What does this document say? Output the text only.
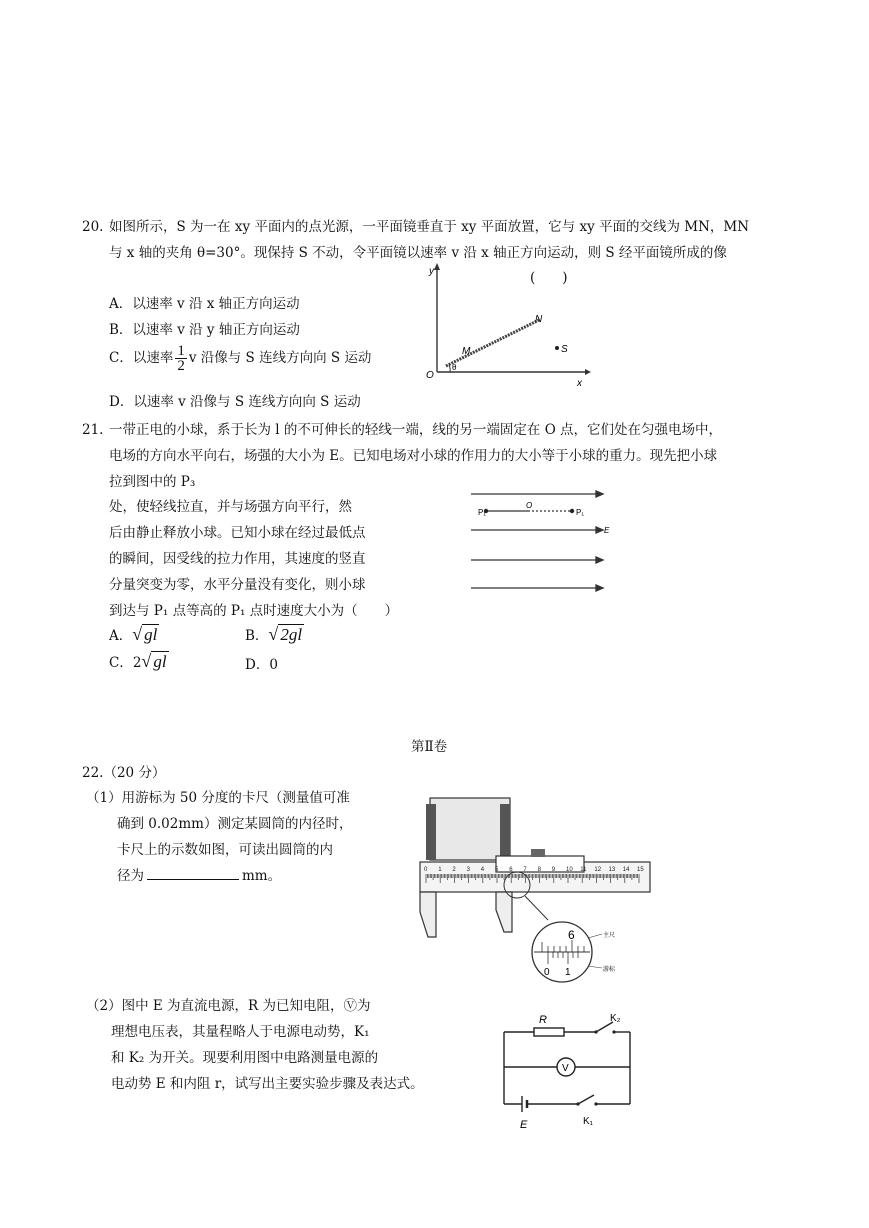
20. 如图所示，S 为一在 xy 平面内的点光源，一平面镜垂直于 xy 平面放置，它与 xy 平面的交线为 MN，MN
与 x 轴的夹角 θ=30°。现保持 S 不动，令平面镜以速率 v 沿 x 轴正方向运动，则 S 经平面镜所成的像
(　　)
A．以速率 v 沿 x 轴正方向运动
B．以速率 v 沿 y 轴正方向运动
C．以速率 $\frac{1}{2}$ v 沿像与 S 连线方向向 S 运动
D．以速率 v 沿像与 S 连线方向向 S 运动
y
x
O
M
N
S
θ
21. 一带正电的小球，系于长为 l 的不可伸长的轻线一端，线的另一端固定在 O 点，它们处在匀强电场中，
电场的方向水平向右，场强的大小为 E。已知电场对小球的作用力的大小等于小球的重力。现先把小球
拉到图中的 P₃
处，使轻线拉直，并与场强方向平行，然
后由静止释放小球。已知小球在经过最低点
的瞬间，因受线的拉力作用，其速度的竖直
分量突变为零，水平分量没有变化，则小球
到达与 P₁ 点等高的 P₁ 点时速度大小为（　　）
A．√ gl	B．√ 2gl
C．2√ gl	D．0
P₁
O
P₁
E
第Ⅱ卷
22.（20 分）
（1）用游标为 50 分度的卡尺（测量值可准
确到 0.02mm）测定某圆筒的内径时，
卡尺上的示数如图，可读出圆筒的内
径为	mm。	0 1 2 3 4 5 6 7 8 9 10 11 12 13 14 15
6
0 1
主尺
游标
（2）图中 E 为直流电源，R 为已知电阻，Ⓥ为
理想电压表，其量程略人于电源电动势，K₁
和 K₂ 为开关。现要利用图中电路测量电源的
电动势 E 和内阻 r，试写出主要实验步骤及表达式。
R	K₂
V
E	K₁
